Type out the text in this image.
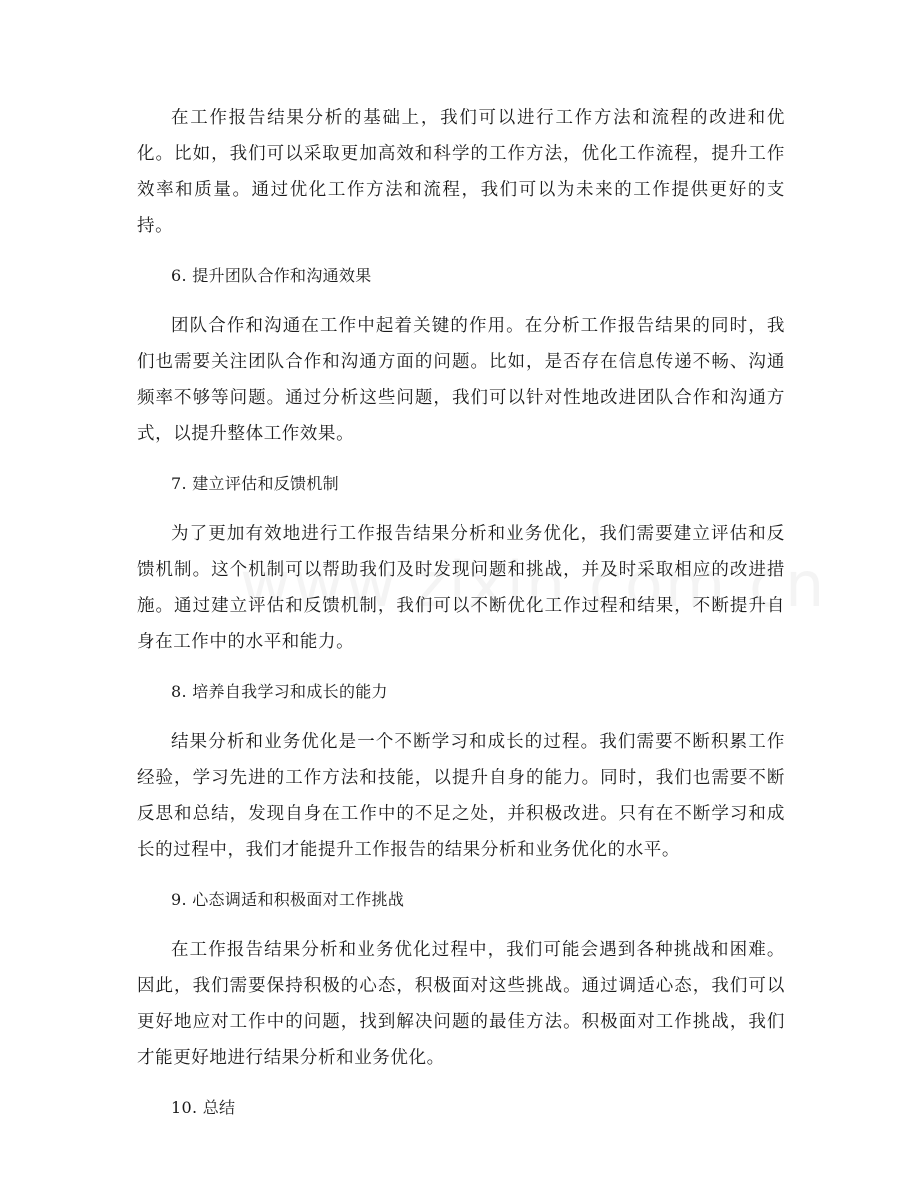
在工作报告结果分析的基础上，我们可以进行工作方法和流程的改进和优化。比如，我们可以采取更加高效和科学的工作方法，优化工作流程，提升工作效率和质量。通过优化工作方法和流程，我们可以为未来的工作提供更好的支持。

6. 提升团队合作和沟通效果

团队合作和沟通在工作中起着关键的作用。在分析工作报告结果的同时，我们也需要关注团队合作和沟通方面的问题。比如，是否存在信息传递不畅、沟通频率不够等问题。通过分析这些问题，我们可以针对性地改进团队合作和沟通方式，以提升整体工作效果。

7. 建立评估和反馈机制

为了更加有效地进行工作报告结果分析和业务优化，我们需要建立评估和反馈机制。这个机制可以帮助我们及时发现问题和挑战，并及时采取相应的改进措施。通过建立评估和反馈机制，我们可以不断优化工作过程和结果，不断提升自身在工作中的水平和能力。

8. 培养自我学习和成长的能力

结果分析和业务优化是一个不断学习和成长的过程。我们需要不断积累工作经验，学习先进的工作方法和技能，以提升自身的能力。同时，我们也需要不断反思和总结，发现自身在工作中的不足之处，并积极改进。只有在不断学习和成长的过程中，我们才能提升工作报告的结果分析和业务优化的水平。

9. 心态调适和积极面对工作挑战

在工作报告结果分析和业务优化过程中，我们可能会遇到各种挑战和困难。因此，我们需要保持积极的心态，积极面对这些挑战。通过调适心态，我们可以更好地应对工作中的问题，找到解决问题的最佳方法。积极面对工作挑战，我们才能更好地进行结果分析和业务优化。

10. 总结
